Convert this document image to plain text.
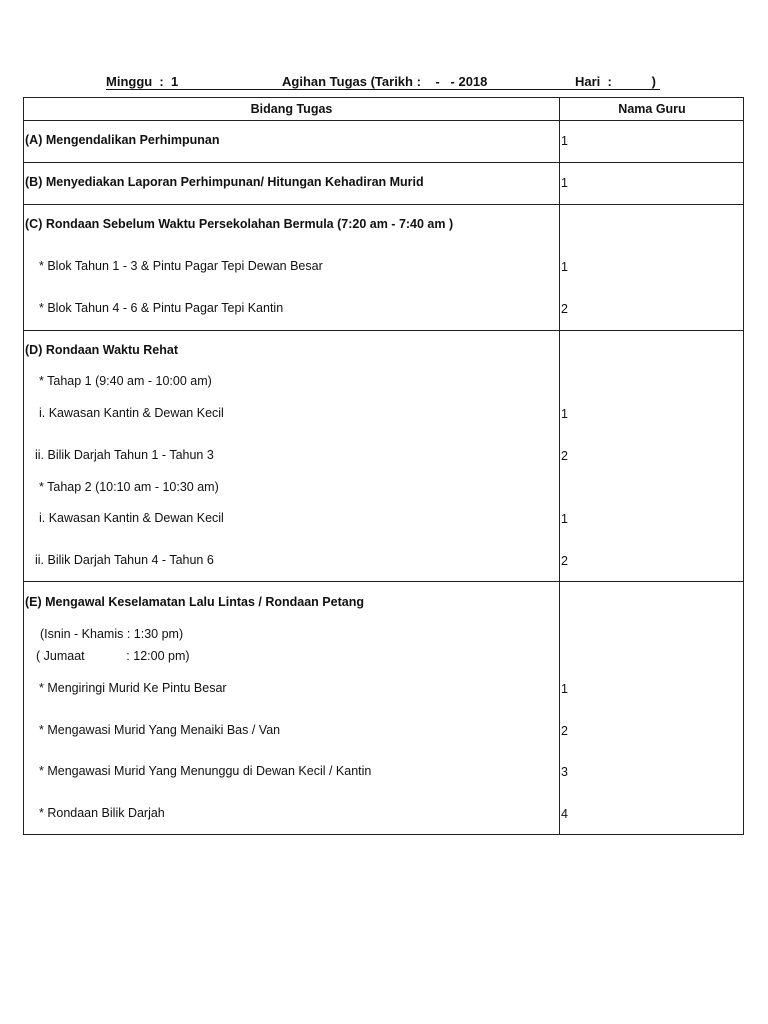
Minggu  :  1	Agihan Tugas (Tarikh :    -   - 2018	Hari  :           )
Bidang Tugas	Nama Guru
(A) Mengendalikan Perhimpunan	1
(B) Menyediakan Laporan Perhimpunan/ Hitungan Kehadiran Murid	1
(C) Rondaan Sebelum Waktu Persekolahan Bermula (7:20 am - 7:40 am )
* Blok Tahun 1 - 3 & Pintu Pagar Tepi Dewan Besar	1
* Blok Tahun 4 - 6 & Pintu Pagar Tepi Kantin	2
(D) Rondaan Waktu Rehat
* Tahap 1 (9:40 am - 10:00 am)
i. Kawasan Kantin & Dewan Kecil	1
ii. Bilik Darjah Tahun 1 - Tahun 3	2
* Tahap 2 (10:10 am - 10:30 am)
i. Kawasan Kantin & Dewan Kecil	1
ii. Bilik Darjah Tahun 4 - Tahun 6	2
(E) Mengawal Keselamatan Lalu Lintas / Rondaan Petang
(Isnin - Khamis : 1:30 pm)
( Jumaat            : 12:00 pm)
* Mengiringi Murid Ke Pintu Besar	1
* Mengawasi Murid Yang Menaiki Bas / Van	2
* Mengawasi Murid Yang Menunggu di Dewan Kecil / Kantin	3
* Rondaan Bilik Darjah	4
